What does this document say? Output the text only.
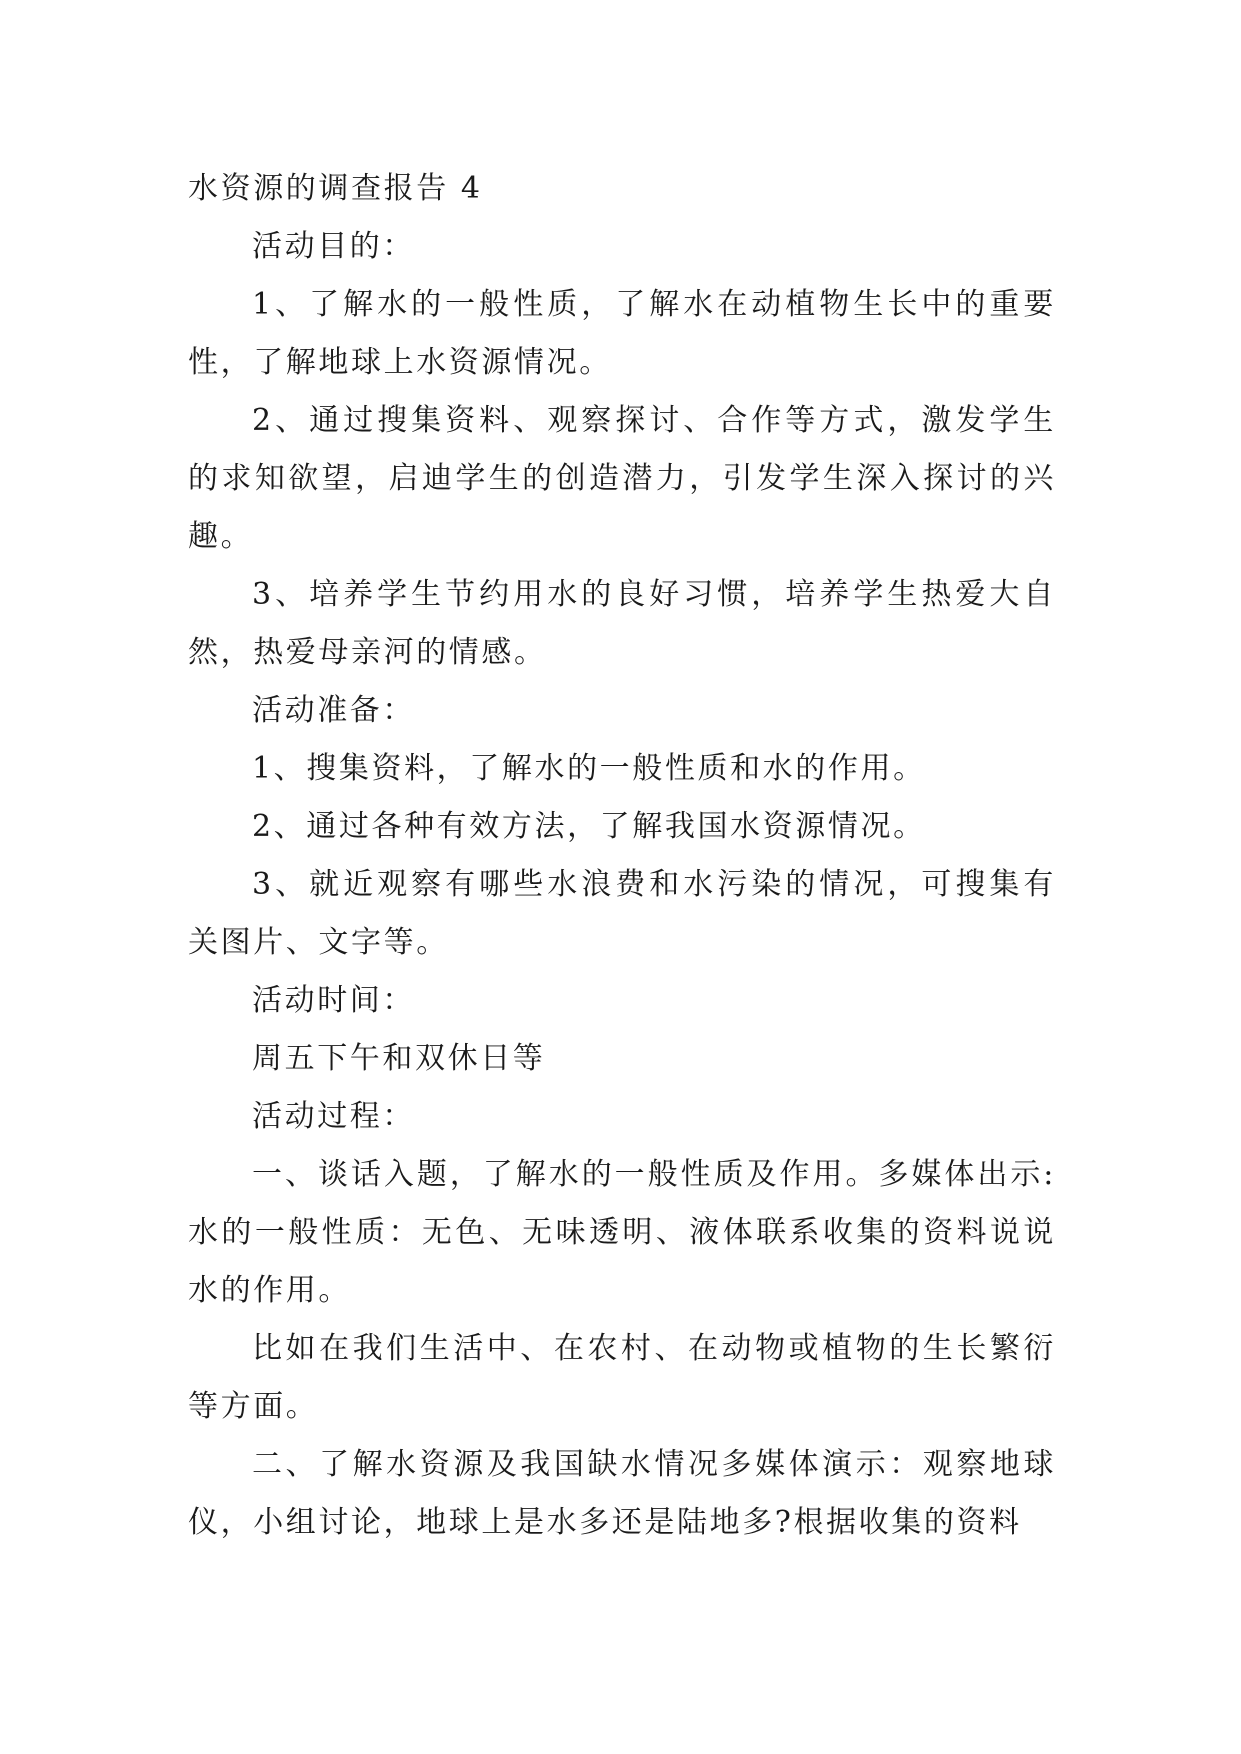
水资源的调查报告 4

活动目的：

1、了解水的一般性质，了解水在动植物生长中的重要性，了解地球上水资源情况。

2、通过搜集资料、观察探讨、合作等方式，激发学生的求知欲望，启迪学生的创造潜力，引发学生深入探讨的兴趣。

3、培养学生节约用水的良好习惯，培养学生热爱大自然，热爱母亲河的情感。

活动准备：

1、搜集资料，了解水的一般性质和水的作用。

2、通过各种有效方法，了解我国水资源情况。

3、就近观察有哪些水浪费和水污染的情况，可搜集有关图片、文字等。

活动时间：

周五下午和双休日等

活动过程：

一、谈话入题，了解水的一般性质及作用。多媒体出示:水的一般性质：无色、无味透明、液体联系收集的资料说说水的作用。

比如在我们生活中、在农村、在动物或植物的生长繁衍等方面。

二、了解水资源及我国缺水情况多媒体演示：观察地球仪，小组讨论，地球上是水多还是陆地多?根据收集的资料
